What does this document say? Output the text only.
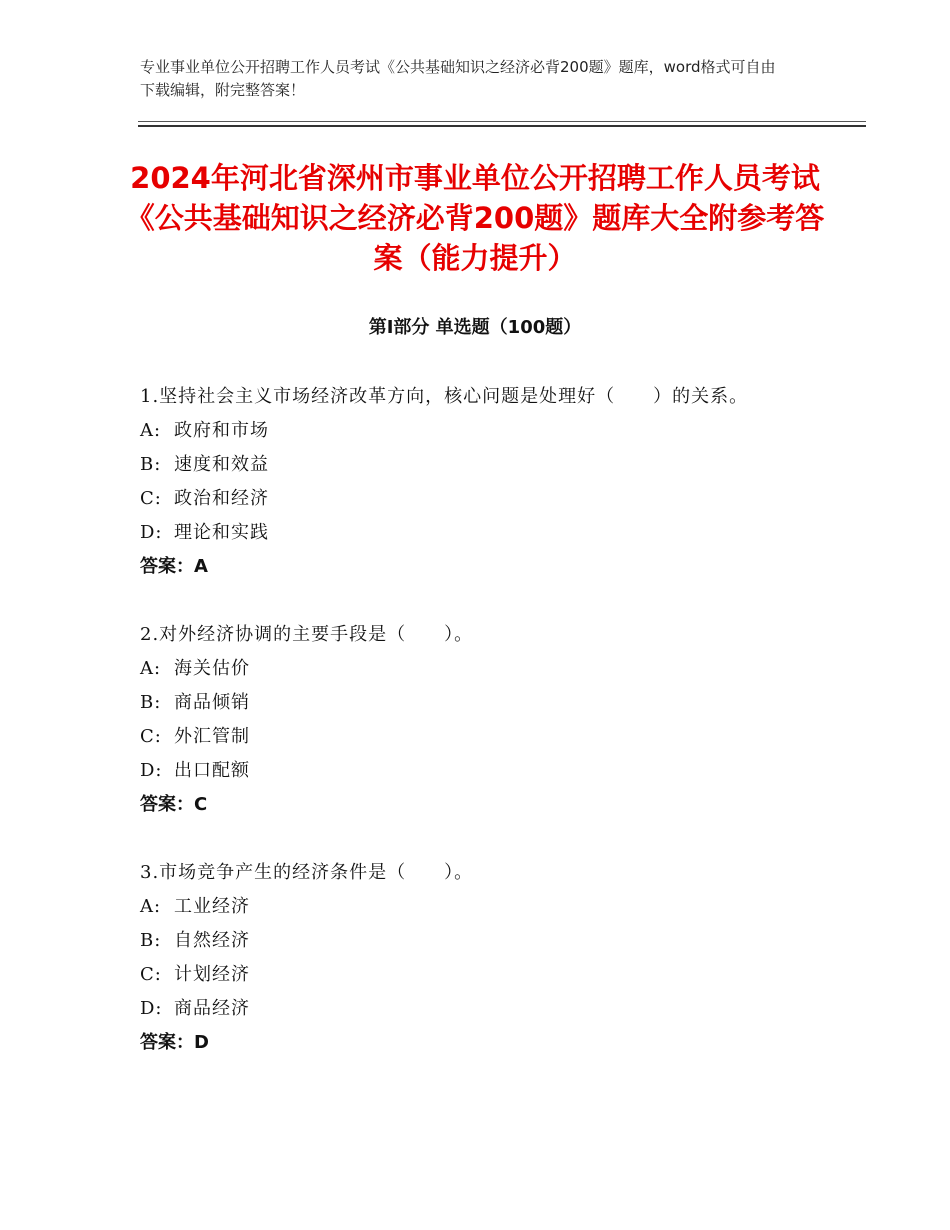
专业事业单位公开招聘工作人员考试《公共基础知识之经济必背200题》题库，word格式可自由下载编辑，附完整答案！
2024年河北省深州市事业单位公开招聘工作人员考试《公共基础知识之经济必背200题》题库大全附参考答案（能力提升）
第I部分 单选题（100题）

1.坚持社会主义市场经济改革方向，核心问题是处理好（　　）的关系。

A: 政府和市场

B: 速度和效益

C: 政治和经济

D: 理论和实践

答案：A

2.对外经济协调的主要手段是（　　）。

A: 海关估价

B: 商品倾销

C: 外汇管制

D: 出口配额

答案：C

3.市场竞争产生的经济条件是（　　）。

A: 工业经济

B: 自然经济

C: 计划经济

D: 商品经济

答案：D
